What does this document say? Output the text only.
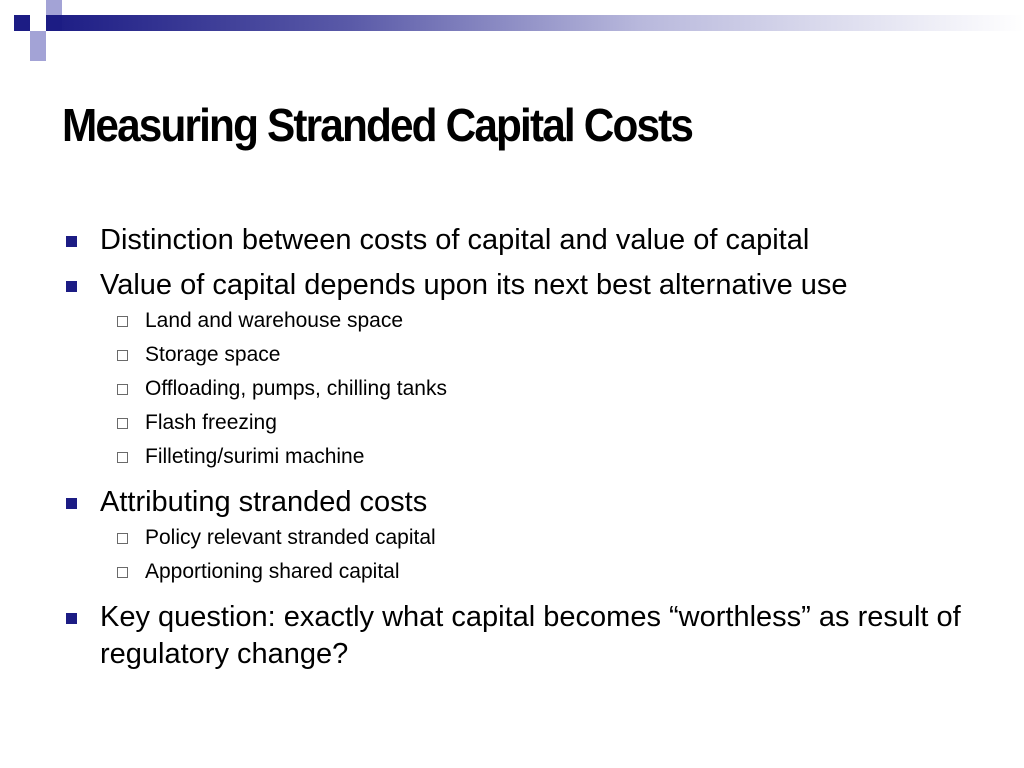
Measuring Stranded Capital Costs
Distinction between costs of capital and value of capital
Value of capital depends upon its next best alternative use
Land and warehouse space
Storage space
Offloading, pumps, chilling tanks
Flash freezing
Filleting/surimi machine
Attributing stranded costs
Policy relevant stranded capital
Apportioning shared capital
Key question: exactly what capital becomes “worthless” as result of regulatory change?
